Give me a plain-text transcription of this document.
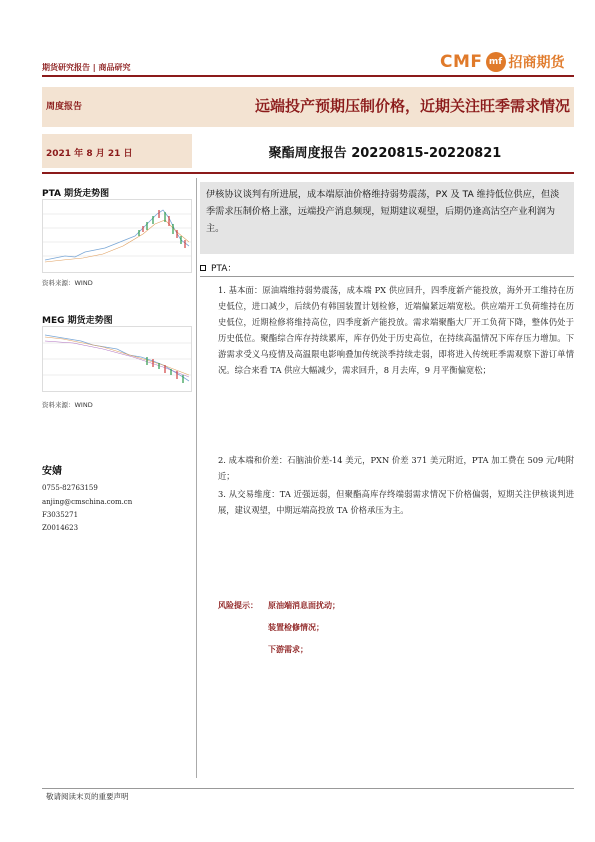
期货研究报告 | 商品研究	CMF mf 招商期货
周度报告	远端投产预期压制价格，近期关注旺季需求情况
2021 年 8 月 21 日	聚酯周度报告 20220815-20220821
PTA 期货走势图
资料来源：WIND
MEG 期货走势图
资料来源：WIND
安婧
0755-82763159
anjing@cmschina.com.cn
F3035271
Z0014623
伊核协议谈判有所进展，成本端原油价格维持弱势震荡，PX 及 TA 维持低位供应，但淡季需求压制价格上涨，远端投产消息频现，短期建议观望，后期仍逢高沽空产业利润为主。
PTA：
1. 基本面：原油端维持弱势震荡，成本端 PX 供应回升，四季度新产能投放，海外开工维持在历史低位，进口减少，后续仍有韩国装置计划检修，近端偏紧远端宽松。供应端开工负荷维持在历史低位，近期检修将维持高位，四季度新产能投放。需求端聚酯大厂开工负荷下降，整体仍处于历史低位。聚酯综合库存持续累库，库存仍处于历史高位，在持续高温情况下库存压力增加。下游需求受义乌疫情及高温限电影响叠加传统淡季持续走弱，即将进入传统旺季需观察下游订单情况。综合来看 TA 供应大幅减少，需求回升，8 月去库，9 月平衡偏宽松；
2. 成本端和价差：石脑油价差-14 美元，PXN 价差 371 美元附近，PTA 加工费在 509 元/吨附近；
3. 从交易维度：TA 近强远弱，但聚酯高库存终端弱需求情况下价格偏弱，短期关注伊核谈判进展，建议观望，中期远端高投放 TA 价格承压为主。
风险提示： 原油端消息面扰动；
装置检修情况；
下游需求；
敬请阅读末页的重要声明
